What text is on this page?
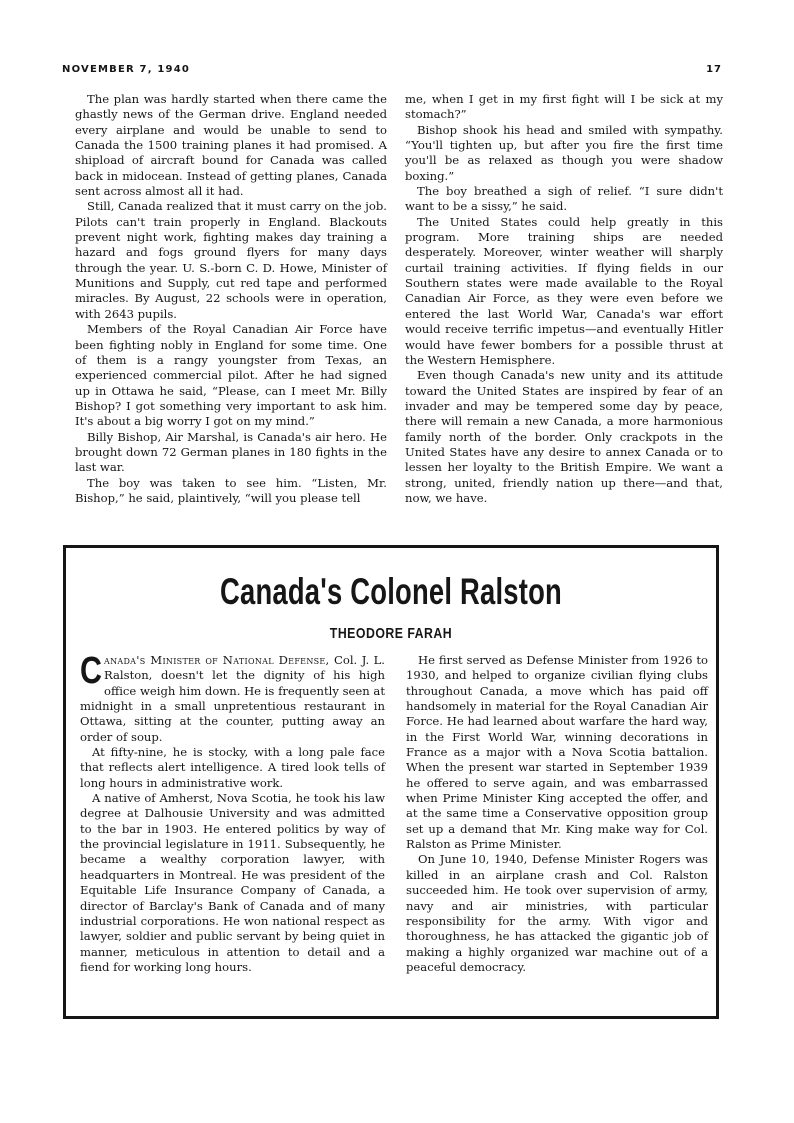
NOVEMBER 7, 1940	17

The plan was hardly started when there came the ghastly news of the German drive. England needed every airplane and would be unable to send to Canada the 1500 training planes it had promised. A shipload of aircraft bound for Canada was called back in midocean. Instead of getting planes, Canada sent across almost all it had.

Still, Canada realized that it must carry on the job. Pilots can't train properly in England. Blackouts prevent night work, fighting makes day training a hazard and fogs ground flyers for many days through the year. U. S.-born C. D. Howe, Minister of Munitions and Supply, cut red tape and performed miracles. By August, 22 schools were in operation, with 2643 pupils.

Members of the Royal Canadian Air Force have been fighting nobly in England for some time. One of them is a rangy youngster from Texas, an experienced commercial pilot. After he had signed up in Ottawa he said, “Please, can I meet Mr. Billy Bishop? I got something very important to ask him. It's about a big worry I got on my mind.”

Billy Bishop, Air Marshal, is Canada's air hero. He brought down 72 German planes in 180 fights in the last war.

The boy was taken to see him. “Listen, Mr. Bishop,” he said, plaintively, “will you please tell

me, when I get in my first fight will I be sick at my stomach?”

Bishop shook his head and smiled with sympathy. “You'll tighten up, but after you fire the first time you'll be as relaxed as though you were shadow boxing.”

The boy breathed a sigh of relief. “I sure didn't want to be a sissy,” he said.

The United States could help greatly in this program. More training ships are needed desperately. Moreover, winter weather will sharply curtail training activities. If flying fields in our Southern states were made available to the Royal Canadian Air Force, as they were even before we entered the last World War, Canada's war effort would receive terrific impetus—and eventually Hitler would have fewer bombers for a possible thrust at the Western Hemisphere.

Even though Canada's new unity and its attitude toward the United States are inspired by fear of an invader and may be tempered some day by peace, there will remain a new Canada, a more harmonious family north of the border. Only crackpots in the United States have any desire to annex Canada or to lessen her loyalty to the British Empire. We want a strong, united, friendly nation up there—and that, now, we have.

Canada's Colonel Ralston
THEODORE FARAH

Canada's Minister of National Defense, Col. J. L. Ralston, doesn't let the dignity of his high office weigh him down. He is frequently seen at midnight in a small unpretentious restaurant in Ottawa, sitting at the counter, putting away an order of soup.

At fifty-nine, he is stocky, with a long pale face that reflects alert intelligence. A tired look tells of long hours in administrative work.

A native of Amherst, Nova Scotia, he took his law degree at Dalhousie University and was admitted to the bar in 1903. He entered politics by way of the provincial legislature in 1911. Subsequently, he became a wealthy corporation lawyer, with headquarters in Montreal. He was president of the Equitable Life Insurance Company of Canada, a director of Barclay's Bank of Canada and of many industrial corporations. He won national respect as lawyer, soldier and public servant by being quiet in manner, meticulous in attention to detail and a fiend for working long hours.

He first served as Defense Minister from 1926 to 1930, and helped to organize civilian flying clubs throughout Canada, a move which has paid off handsomely in material for the Royal Canadian Air Force. He had learned about warfare the hard way, in the First World War, winning decorations in France as a major with a Nova Scotia battalion. When the present war started in September 1939 he offered to serve again, and was embarrassed when Prime Minister King accepted the offer, and at the same time a Conservative opposition group set up a demand that Mr. King make way for Col. Ralston as Prime Minister.

On June 10, 1940, Defense Minister Rogers was killed in an airplane crash and Col. Ralston succeeded him. He took over supervision of army, navy and air ministries, with particular responsibility for the army. With vigor and thoroughness, he has attacked the gigantic job of making a highly organized war machine out of a peaceful democracy.
